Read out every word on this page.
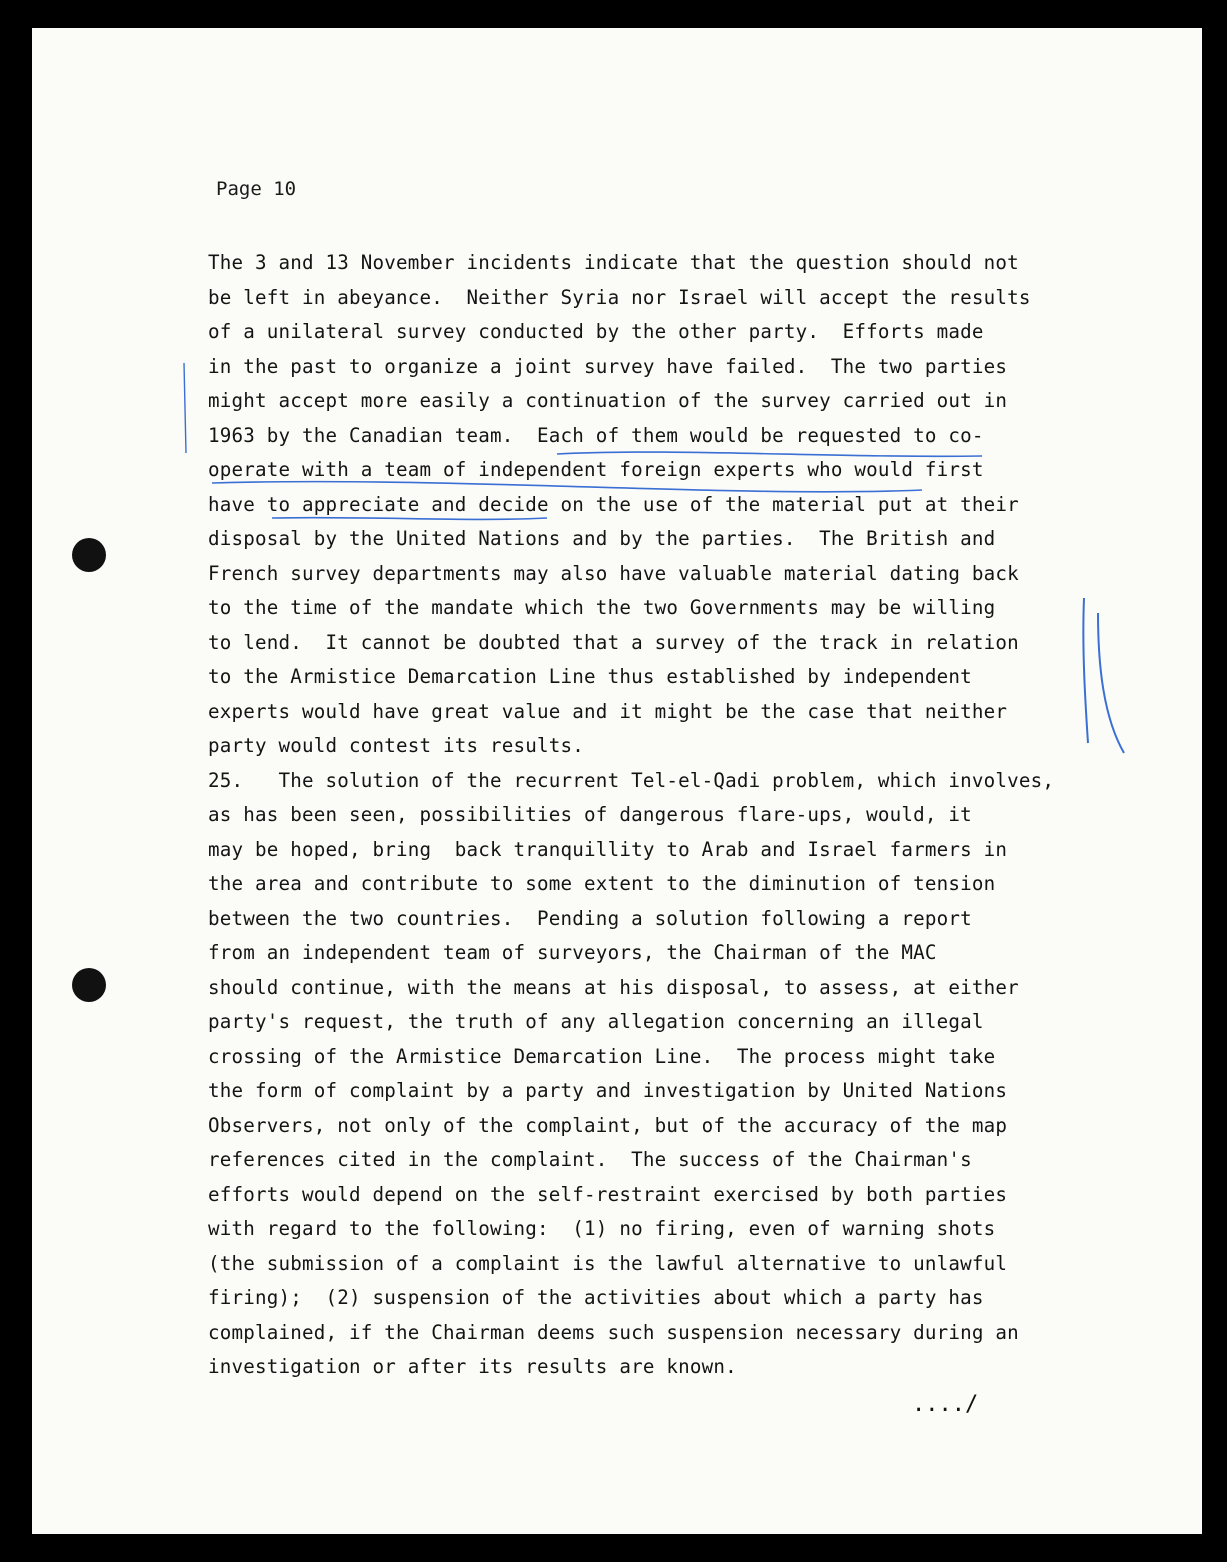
Page 10
The 3 and 13 November incidents indicate that the question should not
be left in abeyance.  Neither Syria nor Israel will accept the results
of a unilateral survey conducted by the other party.  Efforts made
in the past to organize a joint survey have failed.  The two parties
might accept more easily a continuation of the survey carried out in
1963 by the Canadian team.  Each of them would be requested to co-
operate with a team of independent foreign experts who would first
have to appreciate and decide on the use of the material put at their
disposal by the United Nations and by the parties.  The British and
French survey departments may also have valuable material dating back
to the time of the mandate which the two Governments may be willing
to lend.  It cannot be doubted that a survey of the track in relation
to the Armistice Demarcation Line thus established by independent
experts would have great value and it might be the case that neither
party would contest its results.
25.   The solution of the recurrent Tel-el-Qadi problem, which involves,
as has been seen, possibilities of dangerous flare-ups, would, it
may be hoped, bring  back tranquillity to Arab and Israel farmers in
the area and contribute to some extent to the diminution of tension
between the two countries.  Pending a solution following a report
from an independent team of surveyors, the Chairman of the MAC
should continue, with the means at his disposal, to assess, at either
party's request, the truth of any allegation concerning an illegal
crossing of the Armistice Demarcation Line.  The process might take
the form of complaint by a party and investigation by United Nations
Observers, not only of the complaint, but of the accuracy of the map
references cited in the complaint.  The success of the Chairman's
efforts would depend on the self-restraint exercised by both parties
with regard to the following:  (1) no firing, even of warning shots
(the submission of a complaint is the lawful alternative to unlawful
firing);  (2) suspension of the activities about which a party has
complained, if the Chairman deems such suspension necessary during an
investigation or after its results are known.
..../
